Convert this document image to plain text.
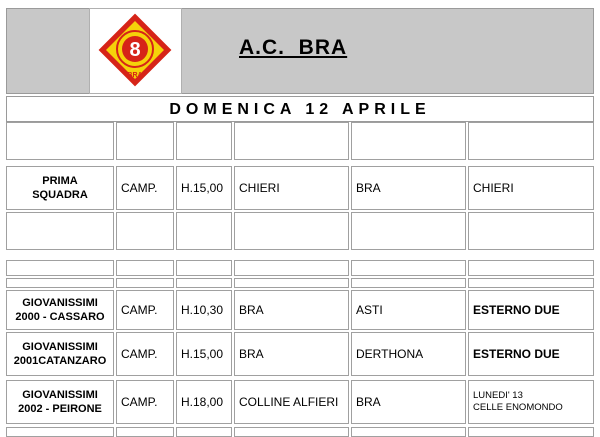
8
BRA
A.C.  BRA
DOMENICA 12 APRILE
PRIMA
SQUADRA	CAMP.	H.15,00	CHIERI	BRA	CHIERI
GIOVANISSIMI
2000 - CASSARO	CAMP.	H.10,30	BRA	ASTI	ESTERNO DUE
GIOVANISSIMI
2001CATANZARO	CAMP.	H.15,00	BRA	DERTHONA	ESTERNO DUE
GIOVANISSIMI
2002 - PEIRONE	CAMP.	H.18,00	COLLINE ALFIERI	BRA	LUNEDI' 13
CELLE ENOMONDO
